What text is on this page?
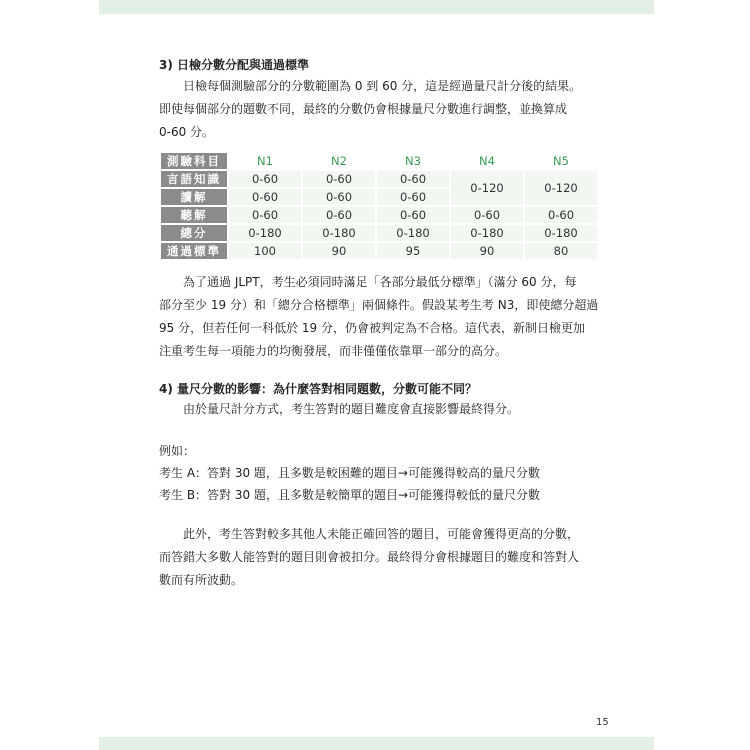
3) 日檢分數分配與通過標準
日檢每個測驗部分的分數範圍為 0 到 60 分，這是經過量尺計分後的結果。
即使每個部分的題數不同，最終的分數仍會根據量尺分數進行調整，並換算成
0-60 分。
測驗科目	N1	N2	N3	N4	N5
言語知識	0-60	0-60	0-60	0-120	0-120
讀解	0-60	0-60	0-60		
聽解	0-60	0-60	0-60	0-60	0-60
總分	0-180	0-180	0-180	0-180	0-180
通過標準	100	90	95	90	80
為了通過 JLPT，考生必須同時滿足「各部分最低分標準」（滿分 60 分，每
部分至少 19 分）和「總分合格標準」兩個條件。假設某考生考 N3，即使總分超過
95 分，但若任何一科低於 19 分，仍會被判定為不合格。這代表，新制日檢更加
注重考生每一項能力的均衡發展，而非僅僅依靠單一部分的高分。
4) 量尺分數的影響：為什麼答對相同題數，分數可能不同？
由於量尺計分方式，考生答對的題目難度會直接影響最終得分。
例如：
考生 A：答對 30 題，且多數是較困難的題目→可能獲得較高的量尺分數
考生 B：答對 30 題，且多數是較簡單的題目→可能獲得較低的量尺分數
此外，考生答對較多其他人未能正確回答的題目，可能會獲得更高的分數，
而答錯大多數人能答對的題目則會被扣分。最終得分會根據題目的難度和答對人
數而有所波動。
15
